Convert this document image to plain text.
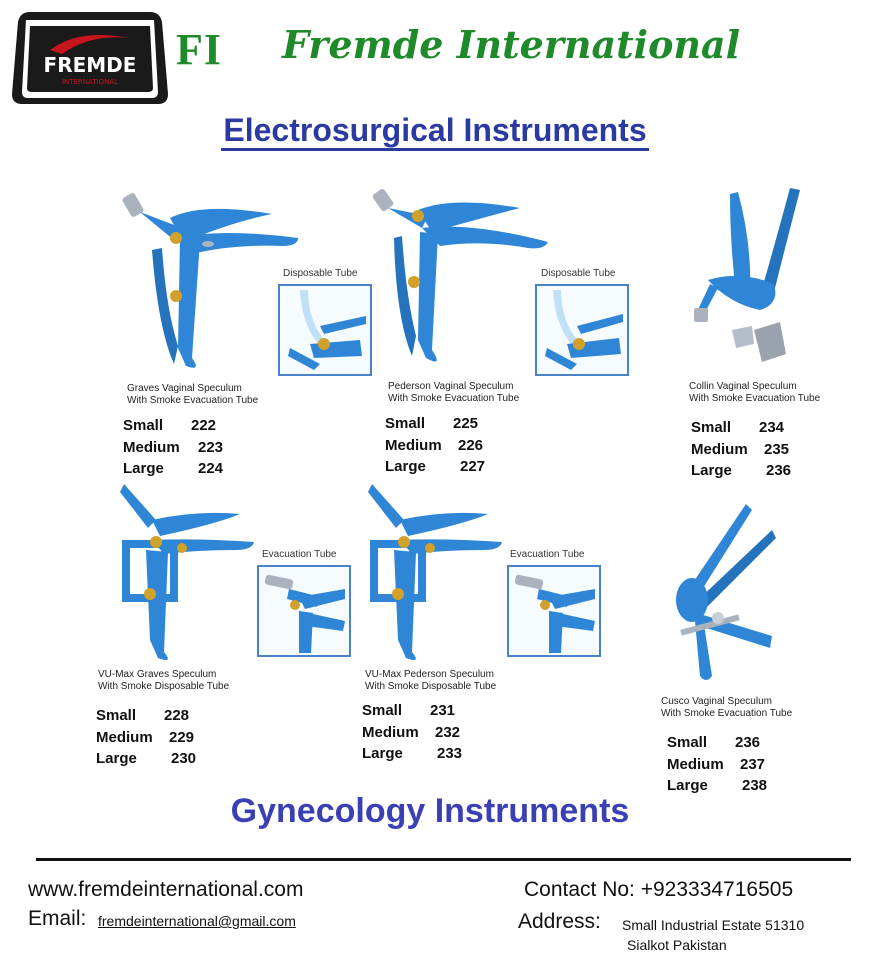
FREMDE
INTERNATIONAL
FI Fremde International
Electrosurgical Instruments
Disposable Tube
Graves Vaginal Speculum
With Smoke Evacuation Tube
Small 222
Medium 223
Large 224
Disposable Tube
Pederson Vaginal Speculum
With Smoke Evacuation Tube
Small 225
Medium 226
Large 227
Collin Vaginal Speculum
With Smoke Evacuation Tube
Small 234
Medium 235
Large 236
Evacuation Tube
VU-Max Graves Speculum
With Smoke Disposable Tube
Small 228
Medium 229
Large 230
Evacuation Tube
VU-Max Pederson Speculum
With Smoke Disposable Tube
Small 231
Medium 232
Large 233
Cusco Vaginal Speculum
With Smoke Evacuation Tube
Small 236
Medium 237
Large 238
Gynecology Instruments
www.fremdeinternational.com
Email: fremdeinternational@gmail.com
Contact No: +923334716505
Address: Small Industrial Estate 51310
Sialkot Pakistan
